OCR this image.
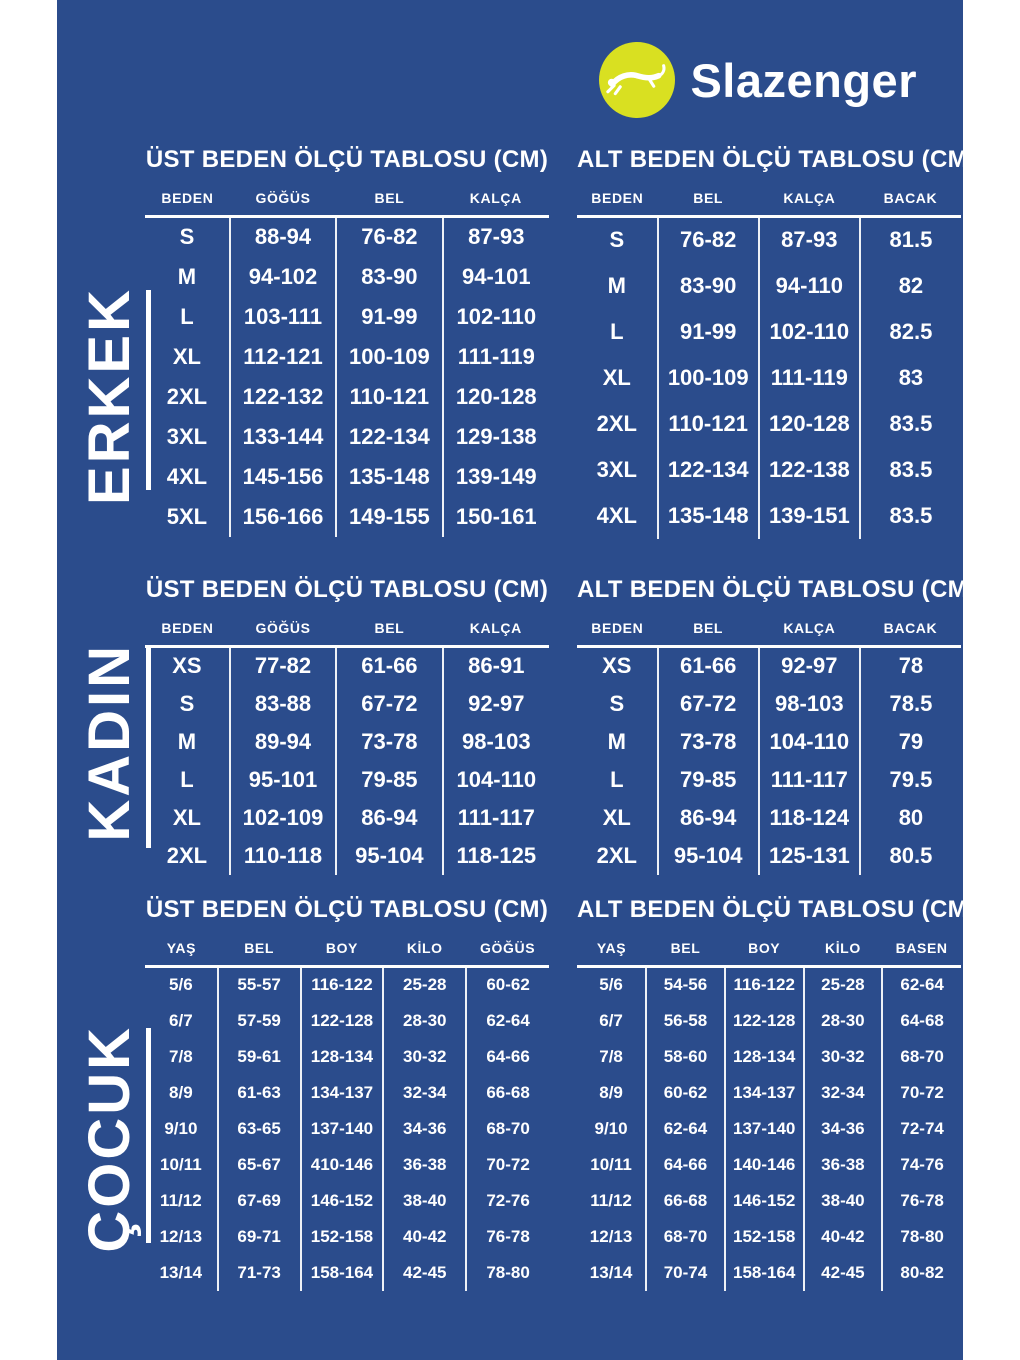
Slazenger
ERKEK
ÜST BEDEN ÖLÇÜ TABLOSU (CM)
BEDEN	GÖĞÜS	BEL	KALÇA
S	88-94	76-82	87-93
M	94-102	83-90	94-101
L	103-111	91-99	102-110
XL	112-121	100-109	111-119
2XL	122-132	110-121	120-128
3XL	133-144	122-134	129-138
4XL	145-156	135-148	139-149
5XL	156-166	149-155	150-161
ALT BEDEN ÖLÇÜ TABLOSU (CM)
BEDEN	BEL	KALÇA	BACAK
S	76-82	87-93	81.5
M	83-90	94-110	82
L	91-99	102-110	82.5
XL	100-109	111-119	83
2XL	110-121	120-128	83.5
3XL	122-134	122-138	83.5
4XL	135-148	139-151	83.5
KADIN
ÜST BEDEN ÖLÇÜ TABLOSU (CM)
BEDEN	GÖĞÜS	BEL	KALÇA
XS	77-82	61-66	86-91
S	83-88	67-72	92-97
M	89-94	73-78	98-103
L	95-101	79-85	104-110
XL	102-109	86-94	111-117
2XL	110-118	95-104	118-125
ALT BEDEN ÖLÇÜ TABLOSU (CM)
BEDEN	BEL	KALÇA	BACAK
XS	61-66	92-97	78
S	67-72	98-103	78.5
M	73-78	104-110	79
L	79-85	111-117	79.5
XL	86-94	118-124	80
2XL	95-104	125-131	80.5
ÇOCUK
ÜST BEDEN ÖLÇÜ TABLOSU (CM)
YAŞ	BEL	BOY	KİLO	GÖĞÜS
5/6	55-57	116-122	25-28	60-62
6/7	57-59	122-128	28-30	62-64
7/8	59-61	128-134	30-32	64-66
8/9	61-63	134-137	32-34	66-68
9/10	63-65	137-140	34-36	68-70
10/11	65-67	410-146	36-38	70-72
11/12	67-69	146-152	38-40	72-76
12/13	69-71	152-158	40-42	76-78
13/14	71-73	158-164	42-45	78-80
ALT BEDEN ÖLÇÜ TABLOSU (CM)
YAŞ	BEL	BOY	KİLO	BASEN
5/6	54-56	116-122	25-28	62-64
6/7	56-58	122-128	28-30	64-68
7/8	58-60	128-134	30-32	68-70
8/9	60-62	134-137	32-34	70-72
9/10	62-64	137-140	34-36	72-74
10/11	64-66	140-146	36-38	74-76
11/12	66-68	146-152	38-40	76-78
12/13	68-70	152-158	40-42	78-80
13/14	70-74	158-164	42-45	80-82
